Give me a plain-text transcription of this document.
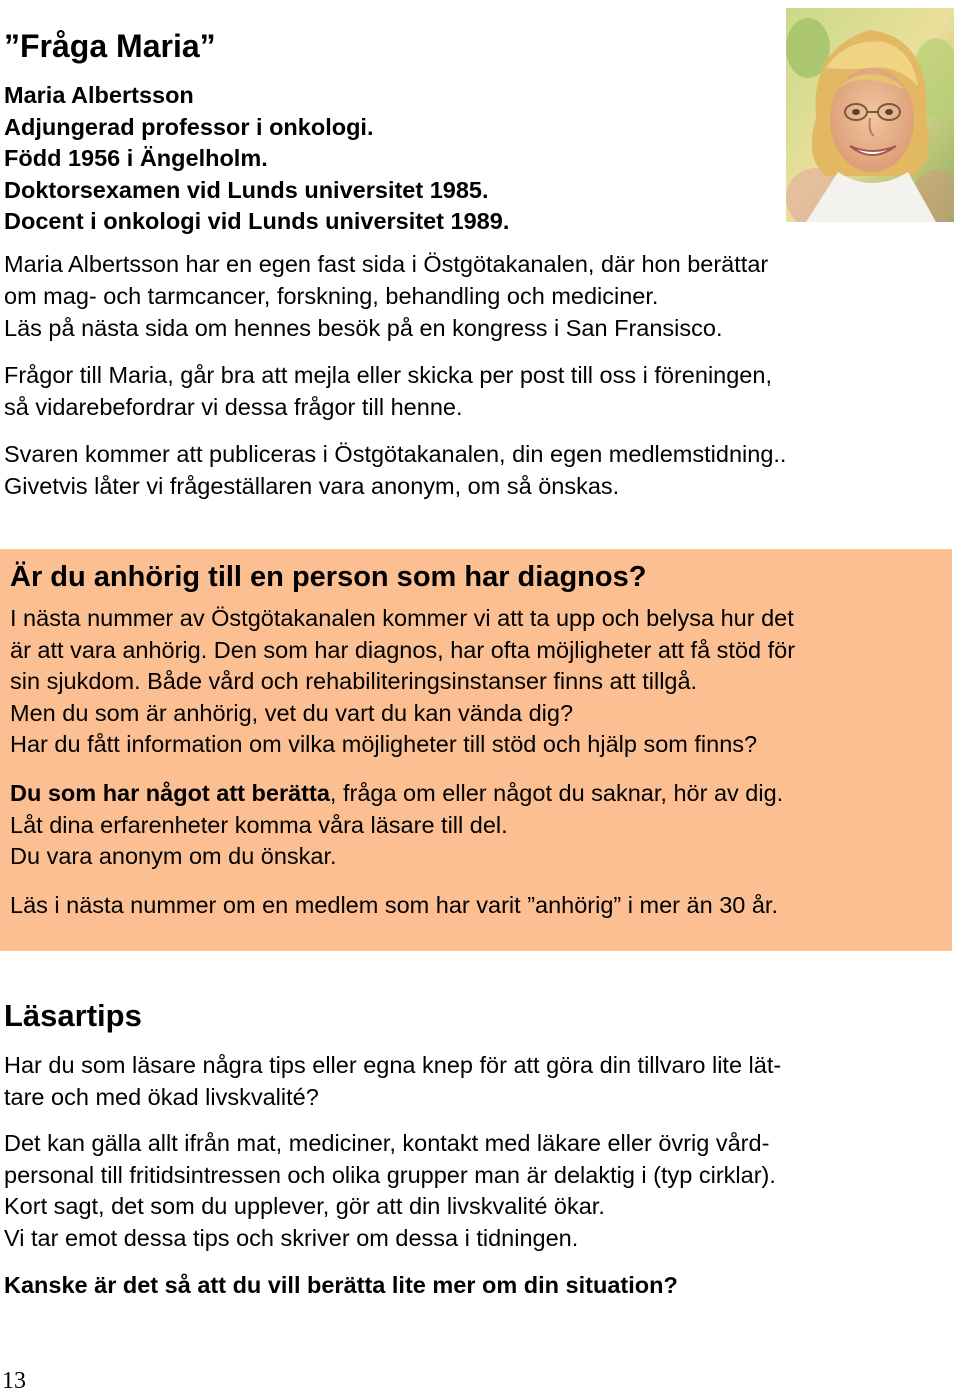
”Fråga Maria”
Maria Albertsson
Adjungerad professor i onkologi.
Född 1956 i Ängelholm.
Doktorsexamen vid Lunds universitet 1985.
Docent i onkologi vid Lunds universitet 1989.

Maria Albertsson har en egen fast sida i Östgötakanalen, där hon berättar
om mag- och tarmcancer, forskning, behandling och mediciner.
Läs på nästa sida om hennes besök på en kongress i San Fransisco.

Frågor till Maria, går bra att mejla eller skicka per post till oss i föreningen,
så vidarebefordrar vi dessa frågor till henne.

Svaren kommer att publiceras i Östgötakanalen, din egen medlemstidning..
Givetvis låter vi frågeställaren vara anonym, om så önskas.

Är du anhörig till en person som har diagnos?

I nästa nummer av Östgötakanalen kommer vi att ta upp och belysa hur det
är att vara anhörig. Den som har diagnos, har ofta möjligheter att få stöd för
sin sjukdom. Både vård och rehabiliteringsinstanser finns att tillgå.
Men du som är anhörig, vet du vart du kan vända dig?
Har du fått information om vilka möjligheter till stöd och hjälp som finns?

Du som har något att berätta, fråga om eller något du saknar, hör av dig.
Låt dina erfarenheter komma våra läsare till del.
Du vara anonym om du önskar.

Läs i nästa nummer om en medlem som har varit ”anhörig” i mer än 30 år.

Läsartips

Har du som läsare några tips eller egna knep för att göra din tillvaro lite lät-
tare och med ökad livskvalité?

Det kan gälla allt ifrån mat, mediciner, kontakt med läkare eller övrig vård-
personal till fritidsintressen och olika grupper man är delaktig i (typ cirklar).
Kort sagt, det som du upplever, gör att din livskvalité ökar.
Vi tar emot dessa tips och skriver om dessa i tidningen.

Kanske är det så att du vill berätta lite mer om din situation?

13
